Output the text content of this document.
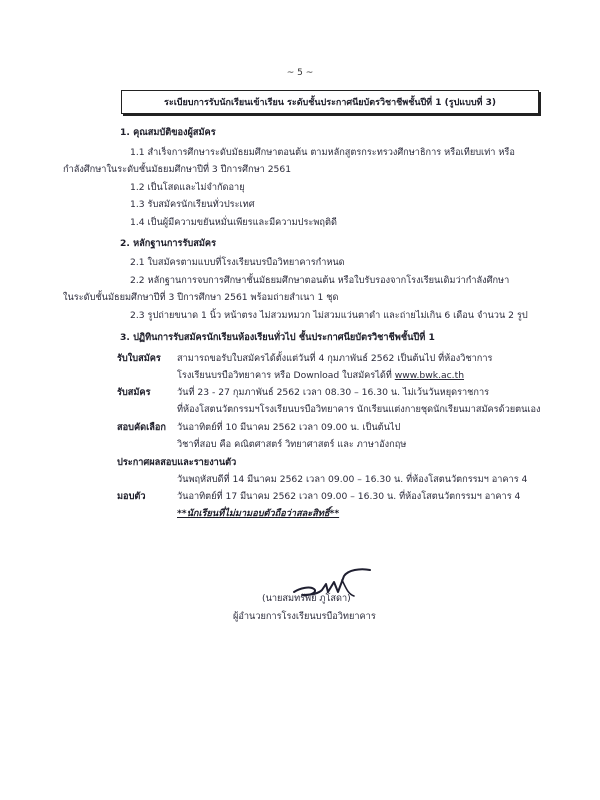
~ 5 ~
ระเบียบการรับนักเรียนเข้าเรียน ระดับชั้นประกาศนียบัตรวิชาชีพชั้นปีที่ 1 (รูปแบบที่ 3)
1. คุณสมบัติของผู้สมัคร
1.1 สำเร็จการศึกษาระดับมัธยมศึกษาตอนต้น ตามหลักสูตรกระทรวงศึกษาธิการ หรือเทียบเท่า หรือ
กำลังศึกษาในระดับชั้นมัธยมศึกษาปีที่ 3 ปีการศึกษา 2561
1.2 เป็นโสดและไม่จำกัดอายุ
1.3 รับสมัครนักเรียนทั่วประเทศ
1.4 เป็นผู้มีความขยันหมั่นเพียรและมีความประพฤติดี
2. หลักฐานการรับสมัคร
2.1 ใบสมัครตามแบบที่โรงเรียนบรบือวิทยาคารกำหนด
2.2 หลักฐานการจบการศึกษาชั้นมัธยมศึกษาตอนต้น หรือใบรับรองจากโรงเรียนเดิมว่ากำลังศึกษา
ในระดับชั้นมัธยมศึกษาปีที่ 3 ปีการศึกษา 2561 พร้อมถ่ายสำเนา 1 ชุด
2.3 รูปถ่ายขนาด 1 นิ้ว หน้าตรง ไม่สวมหมวก ไม่สวมแว่นตาดำ และถ่ายไม่เกิน 6 เดือน จำนวน 2 รูป
3. ปฏิทินการรับสมัครนักเรียนห้องเรียนทั่วไป ชั้นประกาศนียบัตรวิชาชีพชั้นปีที่ 1
รับใบสมัคร สามารถขอรับใบสมัครได้ตั้งแต่วันที่ 4 กุมภาพันธ์ 2562 เป็นต้นไป ที่ห้องวิชาการ
โรงเรียนบรบือวิทยาคาร หรือ Download ใบสมัครได้ที่ www.bwk.ac.th
รับสมัคร	วันที่ 23 - 27 กุมภาพันธ์ 2562 เวลา 08.30 – 16.30 น. ไม่เว้นวันหยุดราชการ
ที่ห้องโสตนวัตกรรมฯโรงเรียนบรบือวิทยาคาร นักเรียนแต่งกายชุดนักเรียนมาสมัครด้วยตนเอง
สอบคัดเลือก วันอาทิตย์ที่ 10 มีนาคม 2562 เวลา 09.00 น. เป็นต้นไป
วิชาที่สอบ คือ คณิตศาสตร์ วิทยาศาสตร์ และ ภาษาอังกฤษ
ประกาศผลสอบและรายงานตัว
วันพฤหัสบดีที่ 14 มีนาคม 2562 เวลา 09.00 – 16.30 น. ที่ห้องโสตนวัตกรรมฯ อาคาร 4
มอบตัว	วันอาทิตย์ที่ 17 มีนาคม 2562 เวลา 09.00 – 16.30 น. ที่ห้องโสตนวัตกรรมฯ อาคาร 4
**นักเรียนที่ไม่มามอบตัวถือว่าสละสิทธิ์**
(นายสมทรัพย์ ภูโสดา)
ผู้อำนวยการโรงเรียนบรบือวิทยาคาร
